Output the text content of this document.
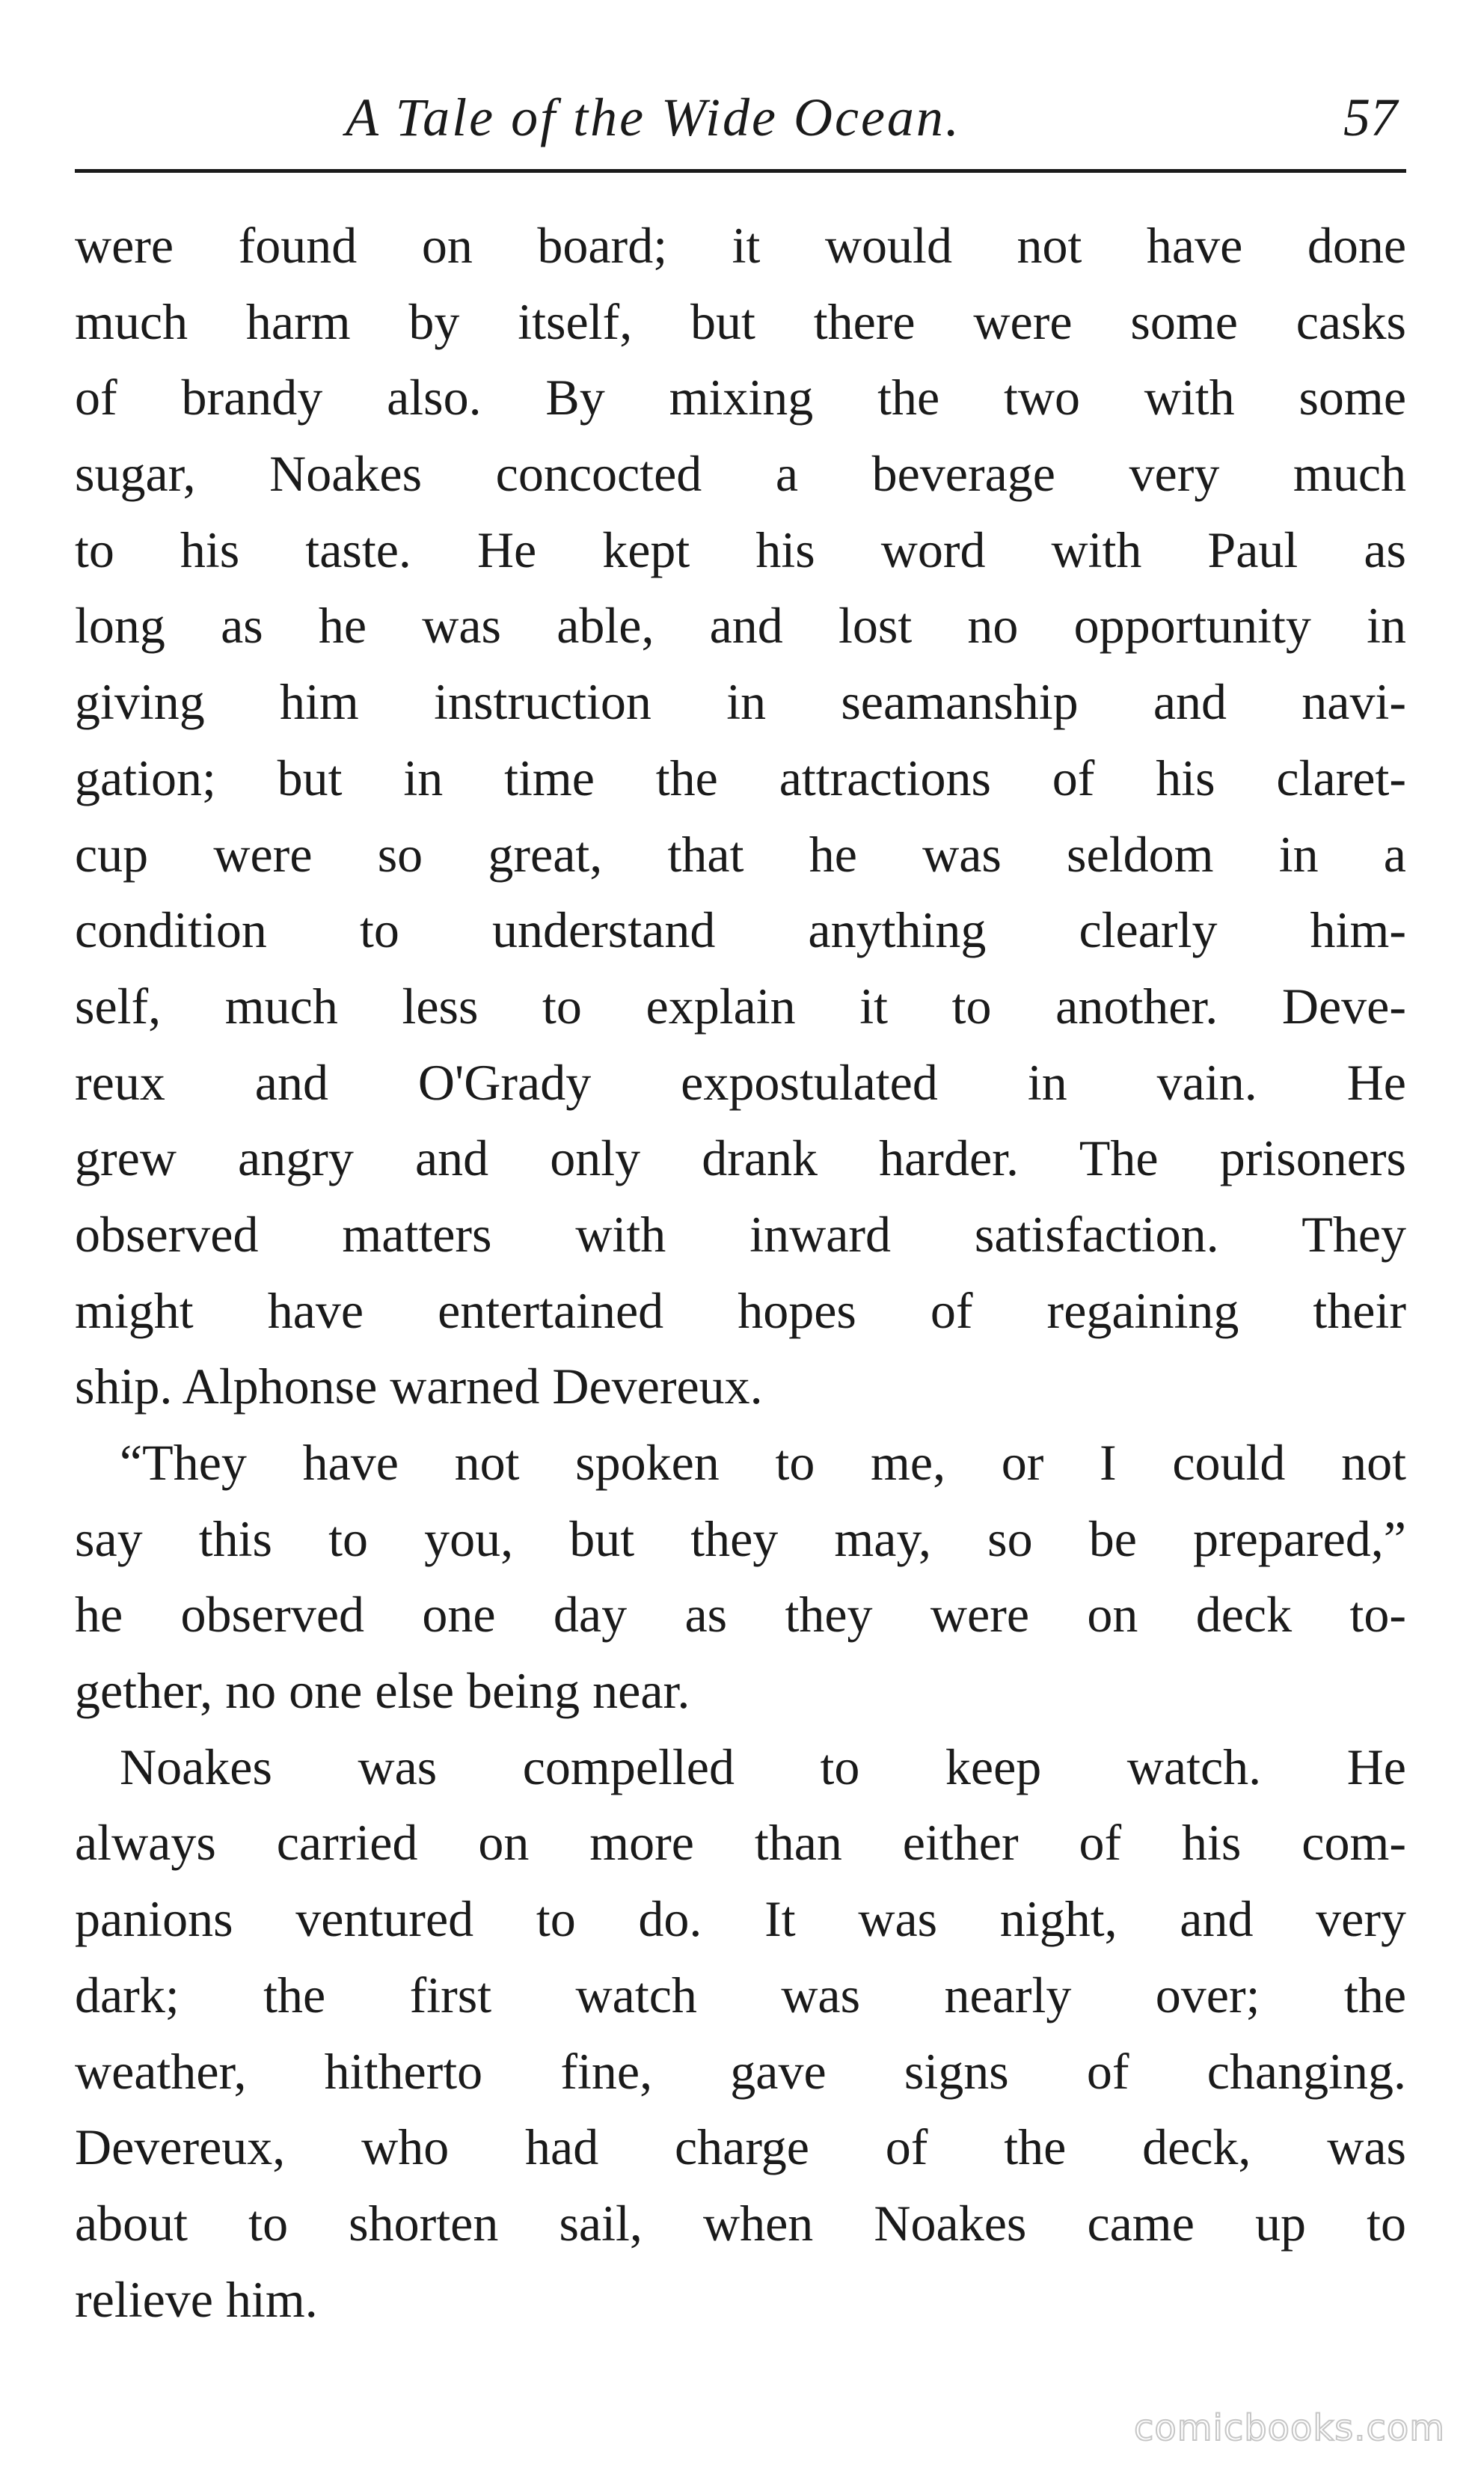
A Tale of the Wide Ocean.	57
were found on board; it would not have done
much harm by itself, but there were some casks
of brandy also. By mixing the two with some
sugar, Noakes concocted a beverage very much
to his taste. He kept his word with Paul as
long as he was able, and lost no opportunity in
giving him instruction in seamanship and navi-
gation; but in time the attractions of his claret-
cup were so great, that he was seldom in a
condition to understand anything clearly him-
self, much less to explain it to another. Deve-
reux and O'Grady expostulated in vain. He
grew angry and only drank harder. The prisoners
observed matters with inward satisfaction. They
might have entertained hopes of regaining their
ship. Alphonse warned Devereux.
“They have not spoken to me, or I could not
say this to you, but they may, so be prepared,”
he observed one day as they were on deck to-
gether, no one else being near.
Noakes was compelled to keep watch. He
always carried on more than either of his com-
panions ventured to do. It was night, and very
dark; the first watch was nearly over; the
weather, hitherto fine, gave signs of changing.
Devereux, who had charge of the deck, was
about to shorten sail, when Noakes came up to
relieve him.
comicbooks.com
